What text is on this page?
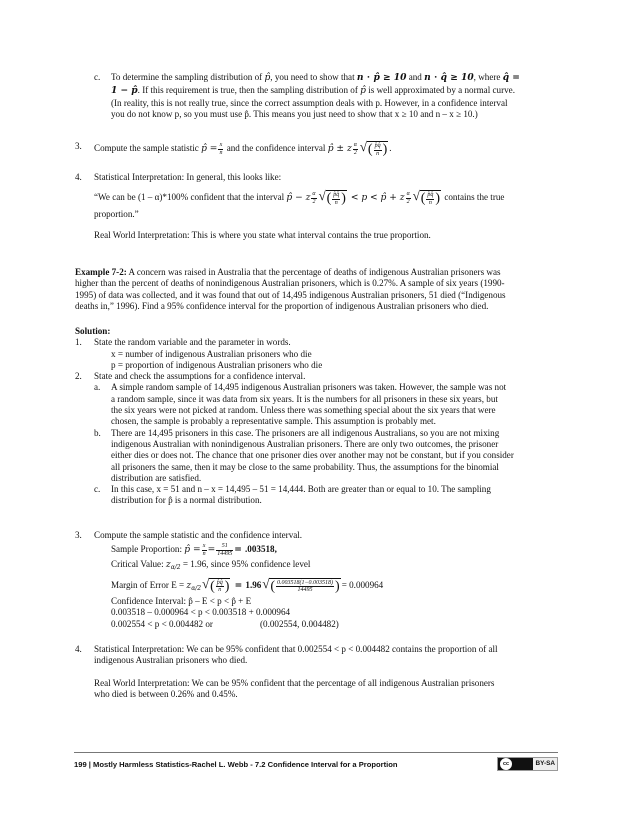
c. To determine the sampling distribution of p̂, you need to show that n ⋅ p̂ ≥ 10 and n ⋅ q̂ ≥ 10, where q̂ =
1 − p̂. If this requirement is true, then the sampling distribution of p̂ is well approximated by a normal curve.
(In reality, this is not really true, since the correct assumption deals with p. However, in a confidence interval
you do not know p, so you must use p̂. This means you just need to show that x ≥ 10 and n – x ≥ 10.)
3. Compute the sample statistic p̂ = $\frac{x}{n}$ and the confidence interval p̂ ± z $\frac{\alpha}{2}$ √ ( $\frac{p̂q̂}{n}$ ) .
4. Statistical Interpretation: In general, this looks like:
“We can be (1 – α)*100% confident that the interval p̂ − z $\frac{\alpha}{2}$ √ ( $\frac{p̂q̂}{n}$ ) < p < p̂ + z $\frac{\alpha}{2}$ √ ( $\frac{p̂q̂}{n}$ ) contains the true
proportion.”
Real World Interpretation: This is where you state what interval contains the true proportion.
Example 7-2: A concern was raised in Australia that the percentage of deaths of indigenous Australian prisoners was
higher than the percent of deaths of nonindigenous Australian prisoners, which is 0.27%. A sample of six years (1990-
1995) of data was collected, and it was found that out of 14,495 indigenous Australian prisoners, 51 died (“Indigenous
deaths in,” 1996). Find a 95% confidence interval for the proportion of indigenous Australian prisoners who died.
Solution:
1. State the random variable and the parameter in words.
x = number of indigenous Australian prisoners who die
p = proportion of indigenous Australian prisoners who die
2. State and check the assumptions for a confidence interval.
a. A simple random sample of 14,495 indigenous Australian prisoners was taken. However, the sample was not
a random sample, since it was data from six years. It is the numbers for all prisoners in these six years, but
the six years were not picked at random. Unless there was something special about the six years that were
chosen, the sample is probably a representative sample. This assumption is probably met.
b. There are 14,495 prisoners in this case. The prisoners are all indigenous Australians, so you are not mixing
indigenous Australian with nonindigenous Australian prisoners. There are only two outcomes, the prisoner
either dies or does not. The chance that one prisoner dies over another may not be constant, but if you consider
all prisoners the same, then it may be close to the same probability. Thus, the assumptions for the binomial
distribution are satisfied.
c. In this case, x = 51 and n – x = 14,495 – 51 = 14,444. Both are greater than or equal to 10. The sampling
distribution for p̂ is a normal distribution.
3. Compute the sample statistic and the confidence interval.
Sample Proportion: p̂ = $\frac{x}{n} = \frac{51}{14495} = .003518$,
Critical Value: $z_{\alpha/2} = 1.96$, since 95% confidence level
Margin of Error $E = z_{\alpha/2}$ √ ( $\frac{p̂q̂}{n}$ ) = 1.96 √ ( $\frac{0.003518(1-0.003518)}{14495}$ ) = 0.000964
Confidence Interval: p̂ – E < p < p̂ + E
0.003518 – 0.000964 < p < 0.003518 + 0.000964
0.002554 < p < 0.004482 or	(0.002554, 0.004482)
4. Statistical Interpretation: We can be 95% confident that 0.002554 < p < 0.004482 contains the proportion of all
indigenous Australian prisoners who died.
Real World Interpretation: We can be 95% confident that the percentage of all indigenous Australian prisoners
who died is between 0.26% and 0.45%.
199 | Mostly Harmless Statistics-Rachel L. Webb - 7.2 Confidence Interval for a Proportion	cc	BY-SA
